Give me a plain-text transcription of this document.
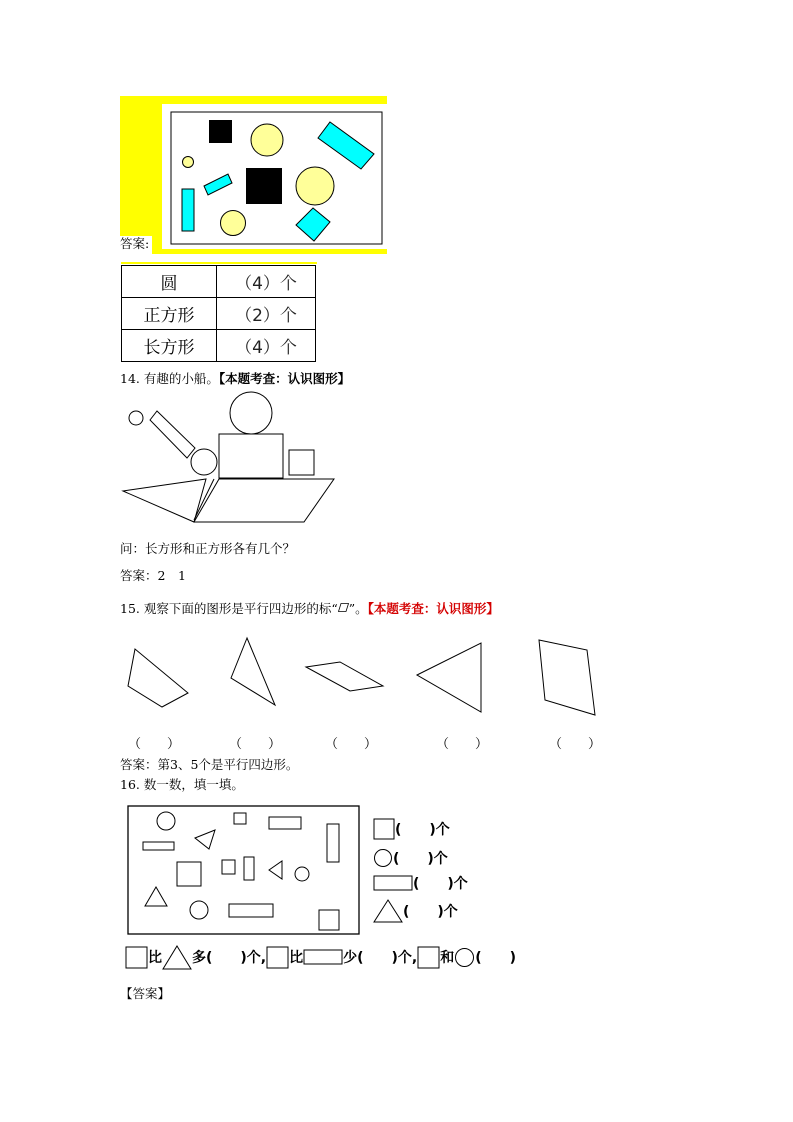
答案:
圆	（4）个
正方形	（2）个
长方形	（4）个
14. 有趣的小船。【本题考查：认识图形】
问：长方形和正方形各有几个？
答案：2　1
15. 观察下面的图形是平行四边形的标“ ”。【本题考查：认识图形】
（　　）	（　　）	（　　）	（　　）	（　　）
答案：第3、5个是平行四边形。
16. 数一数，填一填。
(　　)个
(　　)个
(　　)个
(　　)个
比 多(　　)个, 比	少(　　)个, 和 (　　)
【答案】
